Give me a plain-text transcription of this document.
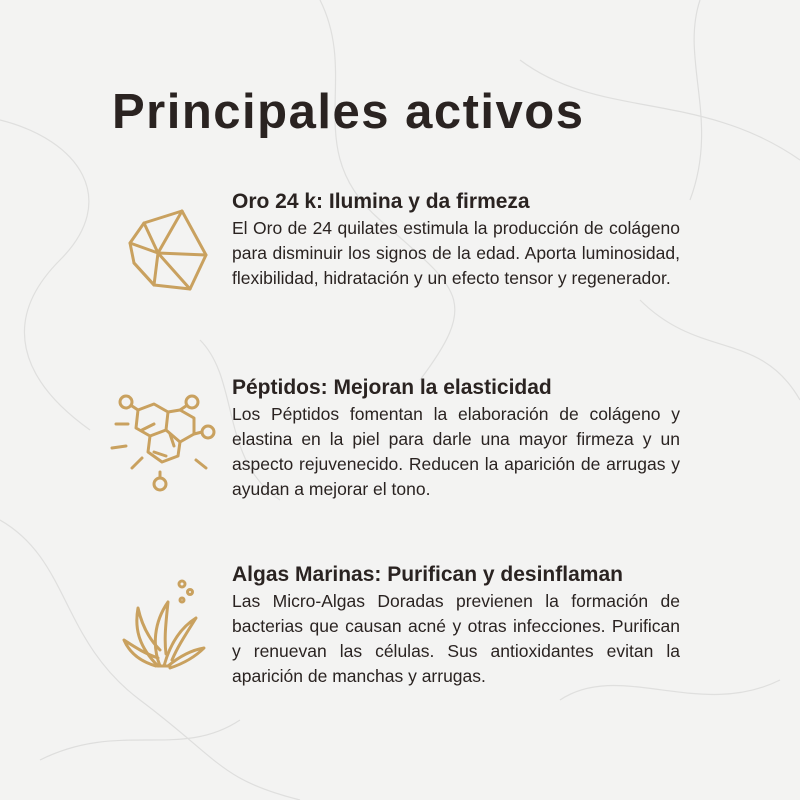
Principales activos

Oro 24 k: Ilumina y da firmeza

El Oro de 24 quilates estimula la producción de colágeno para disminuir los signos de la edad. Aporta luminosidad, flexibilidad, hidratación y un efecto tensor y regenerador.

Péptidos: Mejoran la elasticidad

Los Péptidos fomentan la elaboración de colágeno y elastina en la piel para darle una mayor firmeza y un aspecto rejuvenecido. Reducen la aparición de arrugas y ayudan a mejorar el tono.

Algas Marinas: Purifican y desinflaman

Las Micro-Algas Doradas previenen la formación de bacterias que causan acné y otras infecciones. Purifican y renuevan las células. Sus antioxidantes evitan la aparición de manchas y arrugas.
